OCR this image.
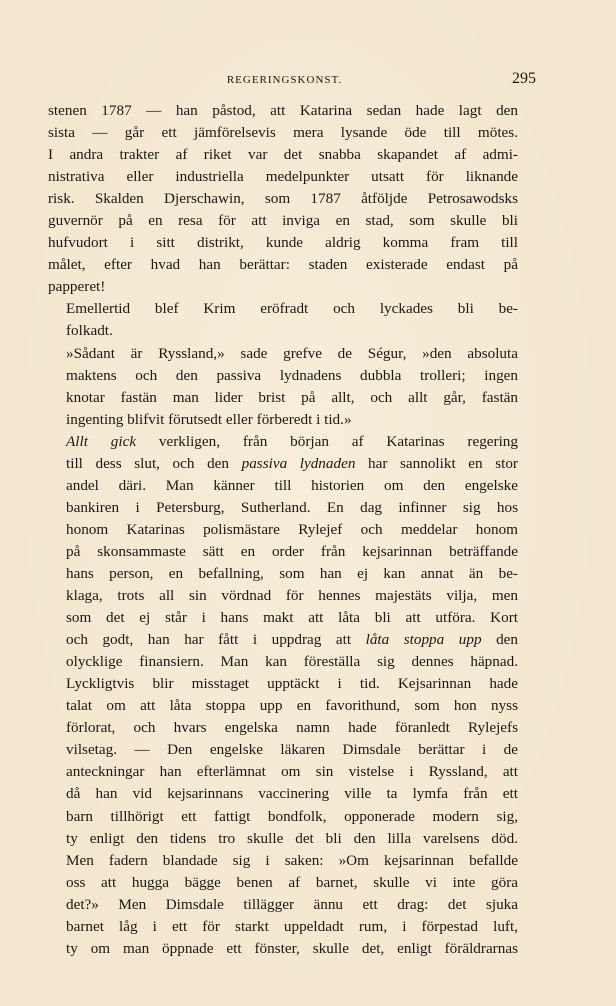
REGERINGSKONST.	295

stenen 1787 — han påstod, att Katarina sedan hade lagt den
sista — går ett jämförelsevis mera lysande öde till mötes.
I andra trakter af riket var det snabba skapandet af admi-
nistrativa eller industriella medelpunkter utsatt för liknande
risk. Skalden Djerschawin, som 1787 åtföljde Petrosawodsks
guvernör på en resa för att inviga en stad, som skulle bli
hufvudort i sitt distrikt, kunde aldrig komma fram till
målet, efter hvad han berättar: staden existerade endast på
papperet!

Emellertid blef Krim eröfradt och lyckades bli be-
folkadt.

»Sådant är Ryssland,» sade grefve de Ségur, »den absoluta
maktens och den passiva lydnadens dubbla trolleri; ingen
knotar fastän man lider brist på allt, och allt går, fastän
ingenting blifvit förutsedt eller förberedt i tid.»

Allt gick verkligen, från början af Katarinas regering
till dess slut, och den passiva lydnaden har sannolikt en stor
andel däri. Man känner till historien om den engelske
bankiren i Petersburg, Sutherland. En dag infinner sig hos
honom Katarinas polismästare Rylejef och meddelar honom
på skonsammaste sätt en order från kejsarinnan beträffande
hans person, en befallning, som han ej kan annat än be-
klaga, trots all sin vördnad för hennes majestäts vilja, men
som det ej står i hans makt att låta bli att utföra. Kort
och godt, han har fått i uppdrag att låta stoppa upp den
olycklige finansiern. Man kan föreställa sig dennes häpnad.
Lyckligtvis blir misstaget upptäckt i tid. Kejsarinnan hade
talat om att låta stoppa upp en favorithund, som hon nyss
förlorat, och hvars engelska namn hade föranledt Rylejefs
vilsetag. — Den engelske läkaren Dimsdale berättar i de
anteckningar han efterlämnat om sin vistelse i Ryssland, att
då han vid kejsarinnans vaccinering ville ta lymfa från ett
barn tillhörigt ett fattigt bondfolk, opponerade modern sig,
ty enligt den tidens tro skulle det bli den lilla varelsens död.
Men fadern blandade sig i saken: »Om kejsarinnan befallde
oss att hugga bägge benen af barnet, skulle vi inte göra
det?» Men Dimsdale tillägger ännu ett drag: det sjuka
barnet låg i ett för starkt uppeldadt rum, i förpestad luft,
ty om man öppnade ett fönster, skulle det, enligt föräldrarnas
